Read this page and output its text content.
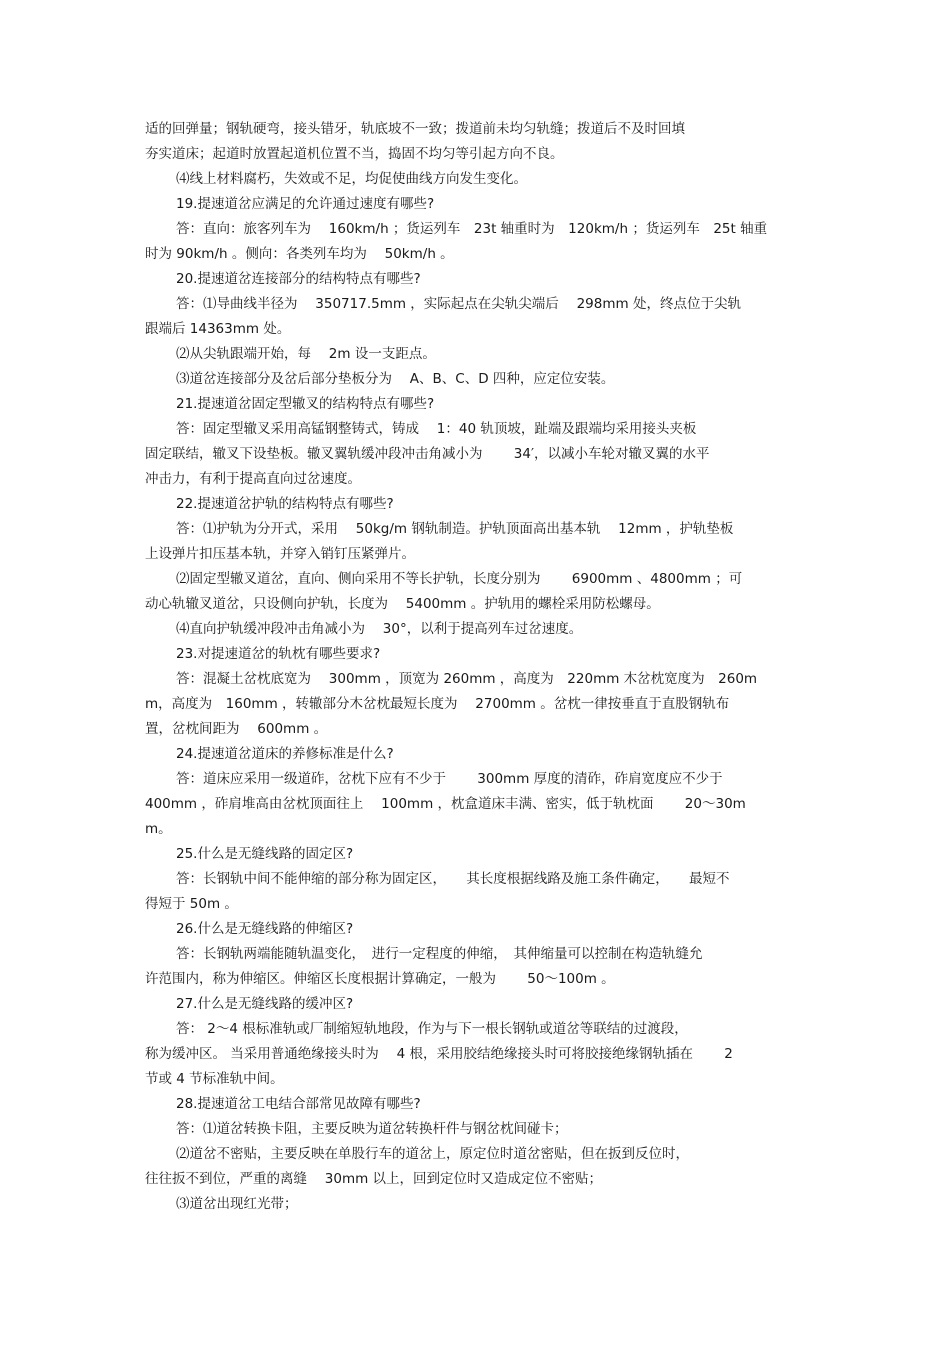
适的回弹量；钢轨硬弯，接头错牙，轨底坡不一致；拨道前未均匀轨缝；拨道后不及时回填
夯实道床；起道时放置起道机位置不当，捣固不均匀等引起方向不良。
⑷线上材料腐朽，失效或不足，均促使曲线方向发生变化。
19.提速道岔应满足的允许通过速度有哪些?
答：直向：旅客列车为　 160km/h ；货运列车　23t 轴重时为　120km/h ；货运列车　25t 轴重
时为 90km/h 。侧向：各类列车均为　 50km/h 。
20.提速道岔连接部分的结构特点有哪些?
答：⑴导曲线半径为　 350717.5mm ，实际起点在尖轨尖端后　 298mm 处，终点位于尖轨
跟端后 14363mm 处。
⑵从尖轨跟端开始，每　 2m 设一支距点。
⑶道岔连接部分及岔后部分垫板分为　 A、B、C、D 四种，应定位安装。
21.提速道岔固定型辙叉的结构特点有哪些?
答：固定型辙叉采用高锰钢整铸式，铸成　 1：40 轨顶坡，趾端及跟端均采用接头夹板
固定联结，辙叉下设垫板。辙叉翼轨缓冲段冲击角减小为　　 34′，以减小车轮对辙叉翼的水平
冲击力，有利于提高直向过岔速度。
22.提速道岔护轨的结构特点有哪些?
答：⑴护轨为分开式，采用　 50kg/m 钢轨制造。护轨顶面高出基本轨　 12mm ，护轨垫板
上设弹片扣压基本轨，并穿入销钉压紧弹片。
⑵固定型辙叉道岔，直向、侧向采用不等长护轨，长度分别为　　 6900mm 、4800mm ；可
动心轨辙叉道岔，只设侧向护轨，长度为　 5400mm 。护轨用的螺栓采用防松螺母。
⑷直向护轨缓冲段冲击角减小为　 30°，以利于提高列车过岔速度。
23.对提速道岔的轨枕有哪些要求?
答：混凝土岔枕底宽为　 300mm ，顶宽为 260mm ，高度为　220mm 木岔枕宽度为　260m
m，高度为　160mm ，转辙部分木岔枕最短长度为　 2700mm 。岔枕一律按垂直于直股钢轨布
置，岔枕间距为　 600mm 。
24.提速道岔道床的养修标准是什么?
答：道床应采用一级道砟，岔枕下应有不少于　　 300mm 厚度的清砟，砟肩宽度应不少于
400mm ，砟肩堆高由岔枕顶面往上　 100mm ，枕盒道床丰满、密实，低于轨枕面　　 20～30m
m。
25.什么是无缝线路的固定区?
答：长钢轨中间不能伸缩的部分称为固定区，　　其长度根据线路及施工条件确定，　　最短不
得短于 50m 。
26.什么是无缝线路的伸缩区?
答：长钢轨两端能随轨温变化，　进行一定程度的伸缩，　其伸缩量可以控制在构造轨缝允
许范围内，称为伸缩区。伸缩区长度根据计算确定，一般为　　 50～100m 。
27.什么是无缝线路的缓冲区?
答： 2～4 根标准轨或厂制缩短轨地段，作为与下一根长钢轨或道岔等联结的过渡段，
称为缓冲区。 当采用普通绝缘接头时为　 4 根，采用胶结绝缘接头时可将胶接绝缘钢轨插在　　 2
节或 4 节标准轨中间。
28.提速道岔工电结合部常见故障有哪些?
答：⑴道岔转换卡阻，主要反映为道岔转换杆件与钢岔枕间碰卡；
⑵道岔不密贴，主要反映在单股行车的道岔上，原定位时道岔密贴，但在扳到反位时，
往往扳不到位，严重的离缝　 30mm 以上，回到定位时又造成定位不密贴；
⑶道岔出现红光带；
